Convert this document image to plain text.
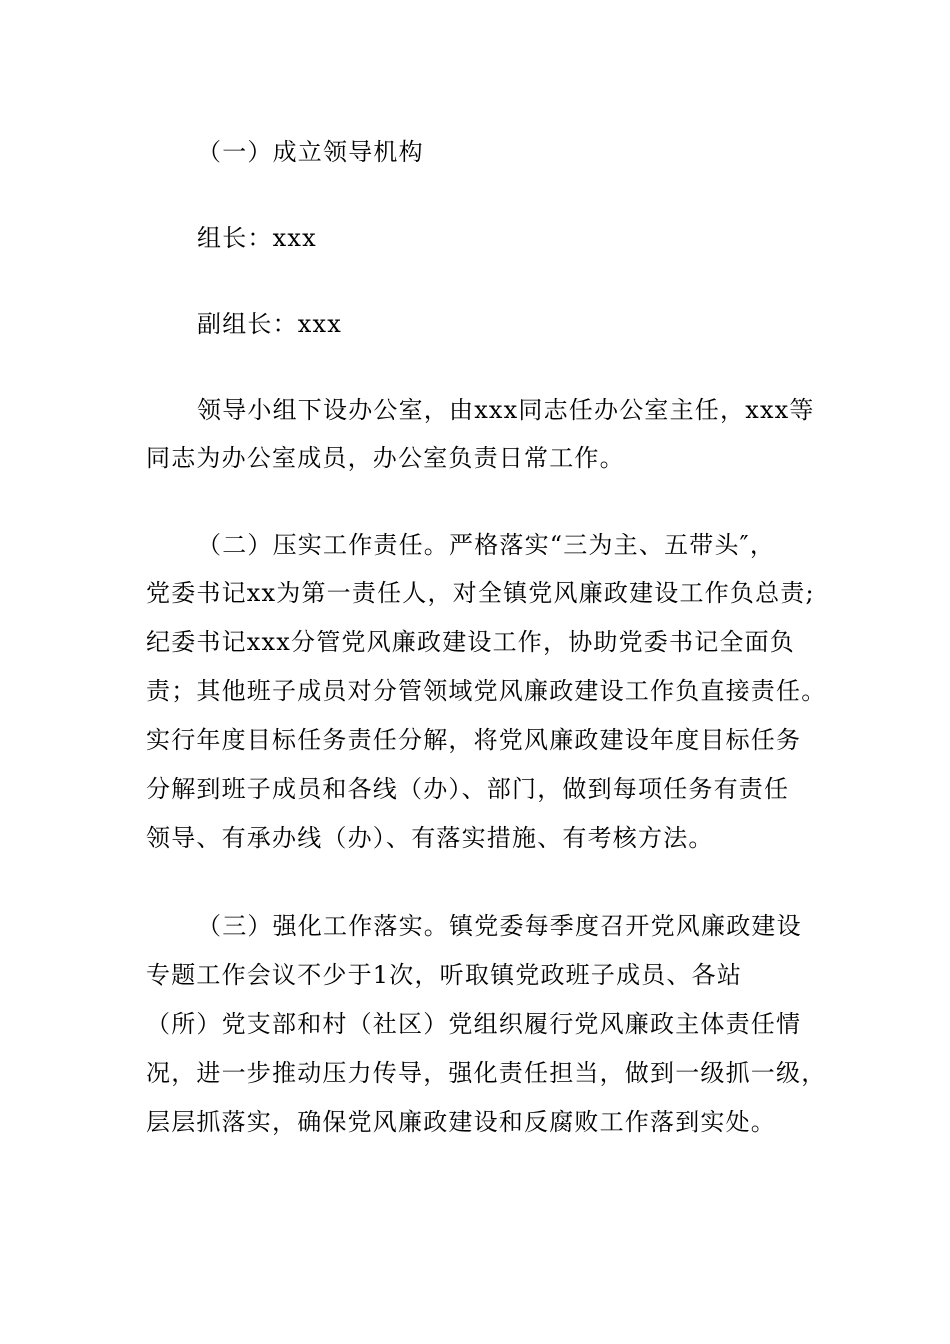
（一）成立领导机构
组长：xxx
副组长：xxx
领导小组下设办公室，由xxx同志任办公室主任，xxx等
同志为办公室成员，办公室负责日常工作。
（二）压实工作责任。严格落实“三为主、五带头″，
党委书记xx为第一责任人，对全镇党风廉政建设工作负总责;
纪委书记xxx分管党风廉政建设工作，协助党委书记全面负
责；其他班子成员对分管领域党风廉政建设工作负直接责任。
实行年度目标任务责任分解，将党风廉政建设年度目标任务
分解到班子成员和各线（办）、部门，做到每项任务有责任
领导、有承办线（办）、有落实措施、有考核方法。
（三）强化工作落实。镇党委每季度召开党风廉政建设
专题工作会议不少于1次，听取镇党政班子成员、各站
（所）党支部和村（社区）党组织履行党风廉政主体责任情
况，进一步推动压力传导，强化责任担当，做到一级抓一级，
层层抓落实，确保党风廉政建设和反腐败工作落到实处。
